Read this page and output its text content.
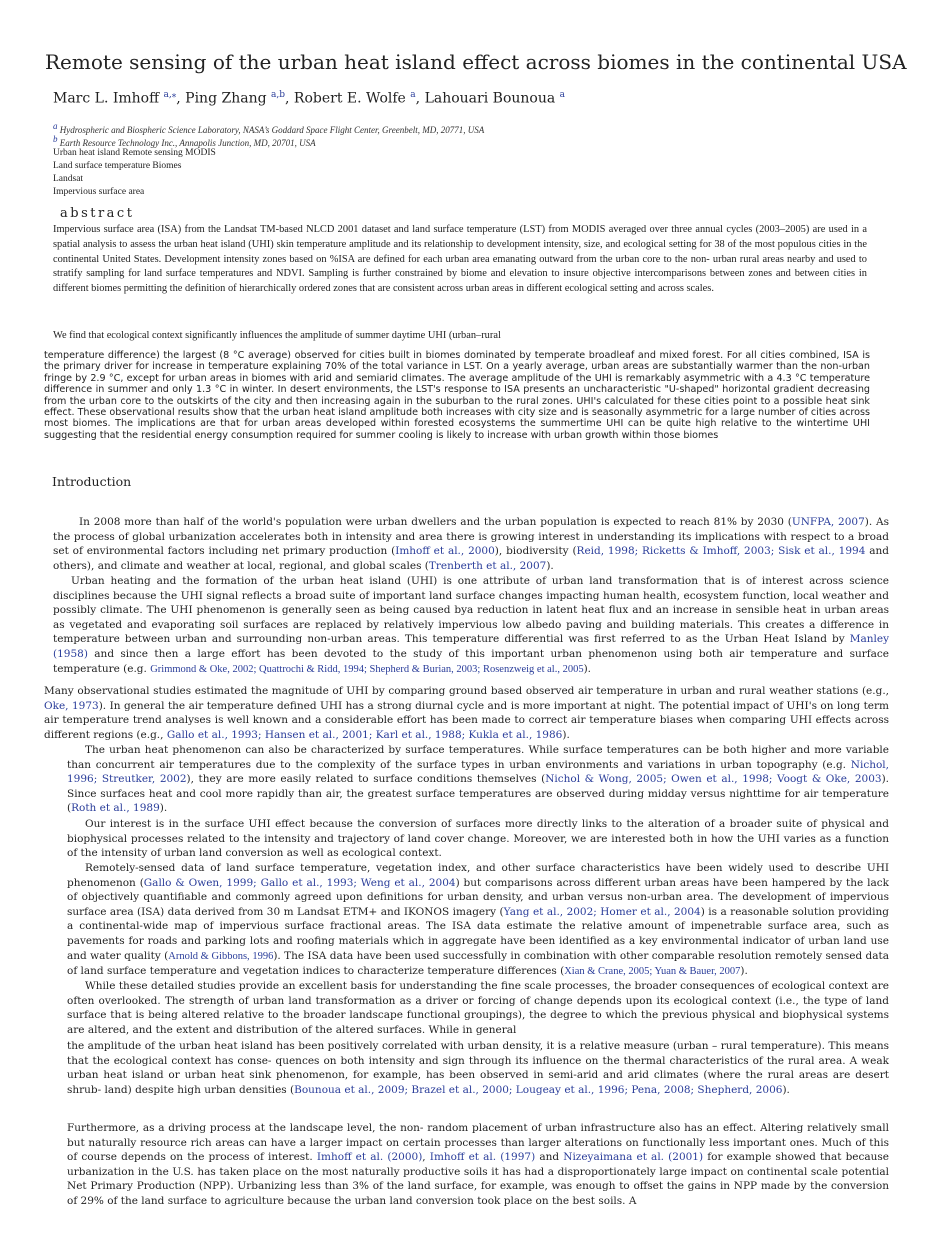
Remote sensing of the urban heat island effect across biomes in the continental USA
Marc L. Imhoff $^{a,⁎}$, Ping Zhang $^{a,b}$, Robert E. Wolfe $^a$, Lahouari Bounoua $^a$
$^a$ Hydrospheric and Biospheric Science Laboratory, NASA’s Goddard Space Flight Center, Greenbelt, MD, 20771, USA
$^b$ Earth Resource Technology Inc., Annapolis Junction, MD, 20701, USA
Urban heat island Remote sensing MODIS
Land surface temperature Biomes
Landsat
Impervious surface area
abstract

Impervious surface area (ISA) from the Landsat TM-based NLCD 2001 dataset and land surface temperature (LST) from MODIS averaged over three annual cycles (2003–2005) are used in a spatial analysis to assess the urban heat island (UHI) skin temperature amplitude and its relationship to development intensity, size, and ecological setting for 38 of the most populous cities in the continental United States. Development intensity zones based on %ISA are defined for each urban area emanating outward from the urban core to the non- urban rural areas nearby and used to stratify sampling for land surface temperatures and NDVI. Sampling is further constrained by biome and elevation to insure objective intercomparisons between zones and between cities in different biomes permitting the definition of hierarchically ordered zones that are consistent across urban areas in different ecological setting and across scales.

We find that ecological context significantly influences the amplitude of summer daytime UHI (urban–rural

temperature difference) the largest (8 °C average) observed for cities built in biomes dominated by temperate broadleaf and mixed forest. For all cities combined, ISA is the primary driver for increase in temperature explaining 70% of the total variance in LST. On a yearly average, urban areas are substantially warmer than the non-urban fringe by 2.9 °C, except for urban areas in biomes with arid and semiarid climates. The average amplitude of the UHI is remarkably asymmetric with a 4.3 °C temperature difference in summer and only 1.3 °C in winter. In desert environments, the LST's response to ISA presents an uncharacteristic "U-shaped" horizontal gradient decreasing from the urban core to the outskirts of the city and then increasing again in the suburban to the rural zones. UHI's calculated for these cities point to a possible heat sink effect. These observational results show that the urban heat island amplitude both increases with city size and is seasonally asymmetric for a large number of cities across most biomes. The implications are that for urban areas developed within forested ecosystems the summertime UHI can be quite high relative to the wintertime UHI suggesting that the residential energy consumption required for summer cooling is likely to increase with urban growth within those biomes

Introduction

In 2008 more than half of the world's population were urban dwellers and the urban population is expected to reach 81% by 2030 (UNFPA, 2007). As the process of global urbanization accelerates both in intensity and area there is growing interest in understanding its implications with respect to a broad set of environmental factors including net primary production (Imhoff et al., 2000), biodiversity (Reid, 1998; Ricketts & Imhoff, 2003; Sisk et al., 1994 and others), and climate and weather at local, regional, and global scales (Trenberth et al., 2007).

Urban heating and the formation of the urban heat island (UHI) is one attribute of urban land transformation that is of interest across science disciplines because the UHI signal reflects a broad suite of important land surface changes impacting human health, ecosystem function, local weather and possibly climate. The UHI phenomenon is generally seen as being caused bya reduction in latent heat flux and an increase in sensible heat in urban areas as vegetated and evaporating soil surfaces are replaced by relatively impervious low albedo paving and building materials. This creates a difference in temperature between urban and surrounding non-urban areas. This temperature differential was first referred to as the Urban Heat Island by Manley (1958) and since then a large effort has been devoted to the study of this important urban phenomenon using both air temperature and surface temperature (e.g. Grimmond & Oke, 2002; Quattrochi & Ridd, 1994; Shepherd & Burian, 2003; Rosenzweig et al., 2005).

Many observational studies estimated the magnitude of UHI by comparing ground based observed air temperature in urban and rural weather stations (e.g., Oke, 1973). In general the air temperature defined UHI has a strong diurnal cycle and is more important at night. The potential impact of UHI's on long term air temperature trend analyses is well known and a considerable effort has been made to correct air temperature biases when comparing UHI effects across different regions (e.g., Gallo et al., 1993; Hansen et al., 2001; Karl et al., 1988; Kukla et al., 1986).

The urban heat phenomenon can also be characterized by surface temperatures. While surface temperatures can be both higher and more variable than concurrent air temperatures due to the complexity of the surface types in urban environments and variations in urban topography (e.g. Nichol, 1996; Streutker, 2002), they are more easily related to surface conditions themselves (Nichol & Wong, 2005; Owen et al., 1998; Voogt & Oke, 2003). Since surfaces heat and cool more rapidly than air, the greatest surface temperatures are observed during midday versus nighttime for air temperature (Roth et al., 1989).

Our interest is in the surface UHI effect because the conversion of surfaces more directly links to the alteration of a broader suite of physical and biophysical processes related to the intensity and trajectory of land cover change. Moreover, we are interested both in how the UHI varies as a function of the intensity of urban land conversion as well as ecological context.

Remotely-sensed data of land surface temperature, vegetation index, and other surface characteristics have been widely used to describe UHI phenomenon (Gallo & Owen, 1999; Gallo et al., 1993; Weng et al., 2004) but comparisons across different urban areas have been hampered by the lack of objectively quantifiable and commonly agreed upon definitions for urban density, and urban versus non-urban area. The development of impervious surface area (ISA) data derived from 30 m Landsat ETM+ and IKONOS imagery (Yang et al., 2002; Homer et al., 2004) is a reasonable solution providing a continental-wide map of impervious surface fractional areas. The ISA data estimate the relative amount of impenetrable surface area, such as pavements for roads and parking lots and roofing materials which in aggregate have been identified as a key environmental indicator of urban land use and water quality (Arnold & Gibbons, 1996). The ISA data have been used successfully in combination with other comparable resolution remotely sensed data of land surface temperature and vegetation indices to characterize temperature differences (Xian & Crane, 2005; Yuan & Bauer, 2007).

While these detailed studies provide an excellent basis for understanding the fine scale processes, the broader consequences of ecological context are often overlooked. The strength of urban land transformation as a driver or forcing of change depends upon its ecological context (i.e., the type of land surface that is being altered relative to the broader landscape functional groupings), the degree to which the previous physical and biophysical systems are altered, and the extent and distribution of the altered surfaces. While in general

the amplitude of the urban heat island has been positively correlated with urban density, it is a relative measure (urban – rural temperature). This means that the ecological context has conse- quences on both intensity and sign through its influence on the thermal characteristics of the rural area. A weak urban heat island or urban heat sink phenomenon, for example, has been observed in semi-arid and arid climates (where the rural areas are desert shrub- land) despite high urban densities (Bounoua et al., 2009; Brazel et al., 2000; Lougeay et al., 1996; Pena, 2008; Shepherd, 2006).

Furthermore, as a driving process at the landscape level, the non- random placement of urban infrastructure also has an effect. Altering relatively small but naturally resource rich areas can have a larger impact on certain processes than larger alterations on functionally less important ones. Much of this of course depends on the process of interest. Imhoff et al. (2000), Imhoff et al. (1997) and Nizeyaimana et al. (2001) for example showed that because urbanization in the U.S. has taken place on the most naturally productive soils it has had a disproportionately large impact on continental scale potential Net Primary Production (NPP). Urbanizing less than 3% of the land surface, for example, was enough to offset the gains in NPP made by the conversion of 29% of the land surface to agriculture because the urban land conversion took place on the best soils. A
